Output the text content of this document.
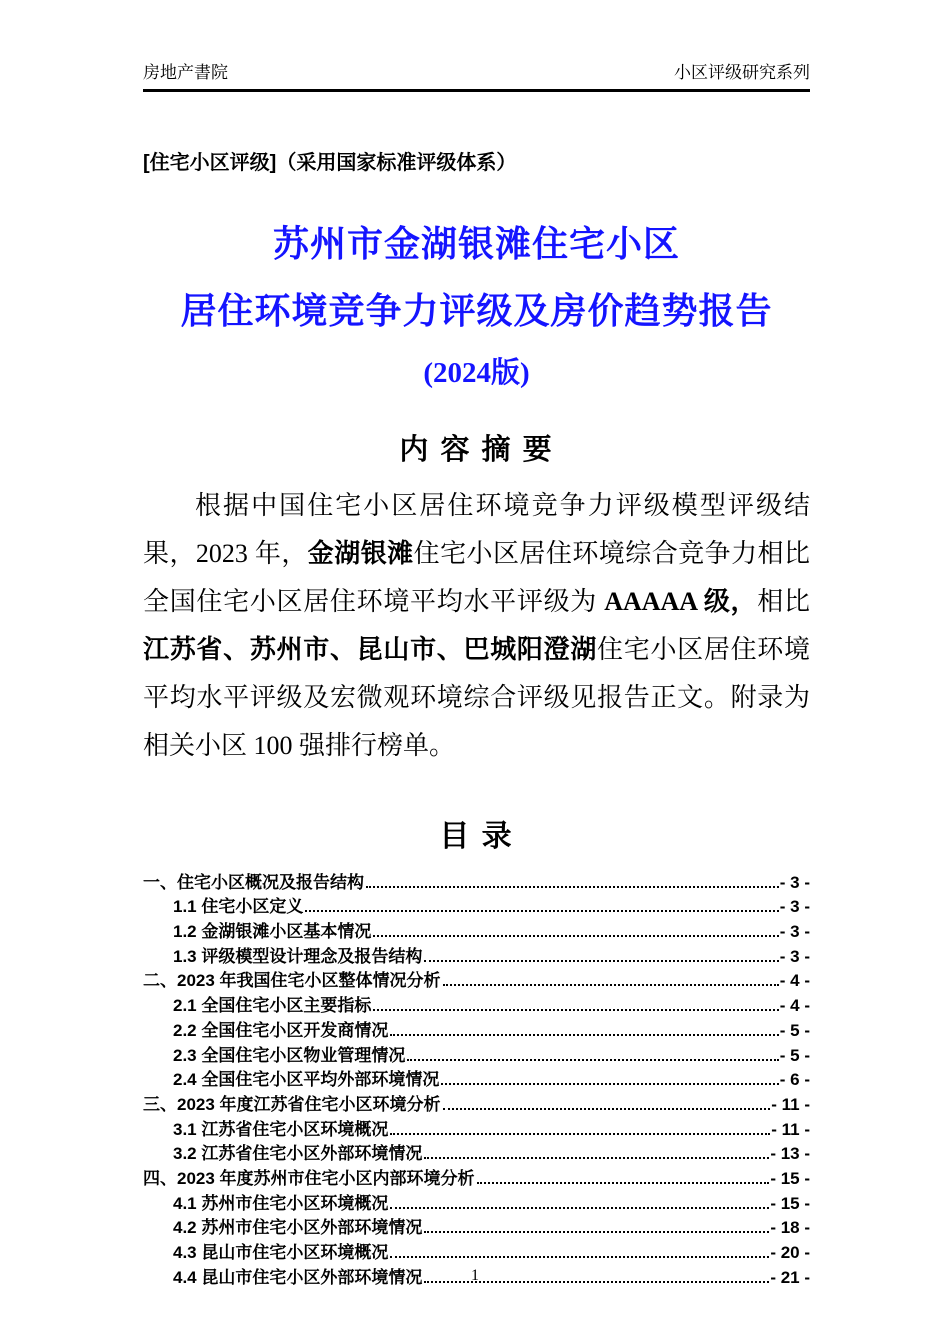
房地产書院	小区评级研究系列
[住宅小区评级]（采用国家标准评级体系）
苏州市金湖银滩住宅小区
居住环境竞争力评级及房价趋势报告
(2024版)
内 容 摘 要

根据中国住宅小区居住环境竞争力评级模型评级结果，2023 年，金湖银滩住宅小区居住环境综合竞争力相比全国住宅小区居住环境平均水平评级为 AAAAA 级，相比江苏省、苏州市、昆山市、巴城阳澄湖住宅小区居住环境平均水平评级及宏微观环境综合评级见报告正文。附录为相关小区 100 强排行榜单。

目 录
一、住宅小区概况及报告结构	- 3 -
1.1 住宅小区定义	- 3 -
1.2 金湖银滩小区基本情况	- 3 -
1.3 评级模型设计理念及报告结构	- 3 -
二、2023 年我国住宅小区整体情况分析	- 4 -
2.1 全国住宅小区主要指标	- 4 -
2.2 全国住宅小区开发商情况	- 5 -
2.3 全国住宅小区物业管理情况	- 5 -
2.4 全国住宅小区平均外部环境情况	- 6 -
三、2023 年度江苏省住宅小区环境分析	- 11 -
3.1 江苏省住宅小区环境概况	- 11 -
3.2 江苏省住宅小区外部环境情况	- 13 -
四、2023 年度苏州市住宅小区内部环境分析	- 15 -
4.1 苏州市住宅小区环境概况	- 15 -
4.2 苏州市住宅小区外部环境情况	- 18 -
4.3 昆山市住宅小区环境概况	- 20 -
4.4 昆山市住宅小区外部环境情况	- 21 -
1
